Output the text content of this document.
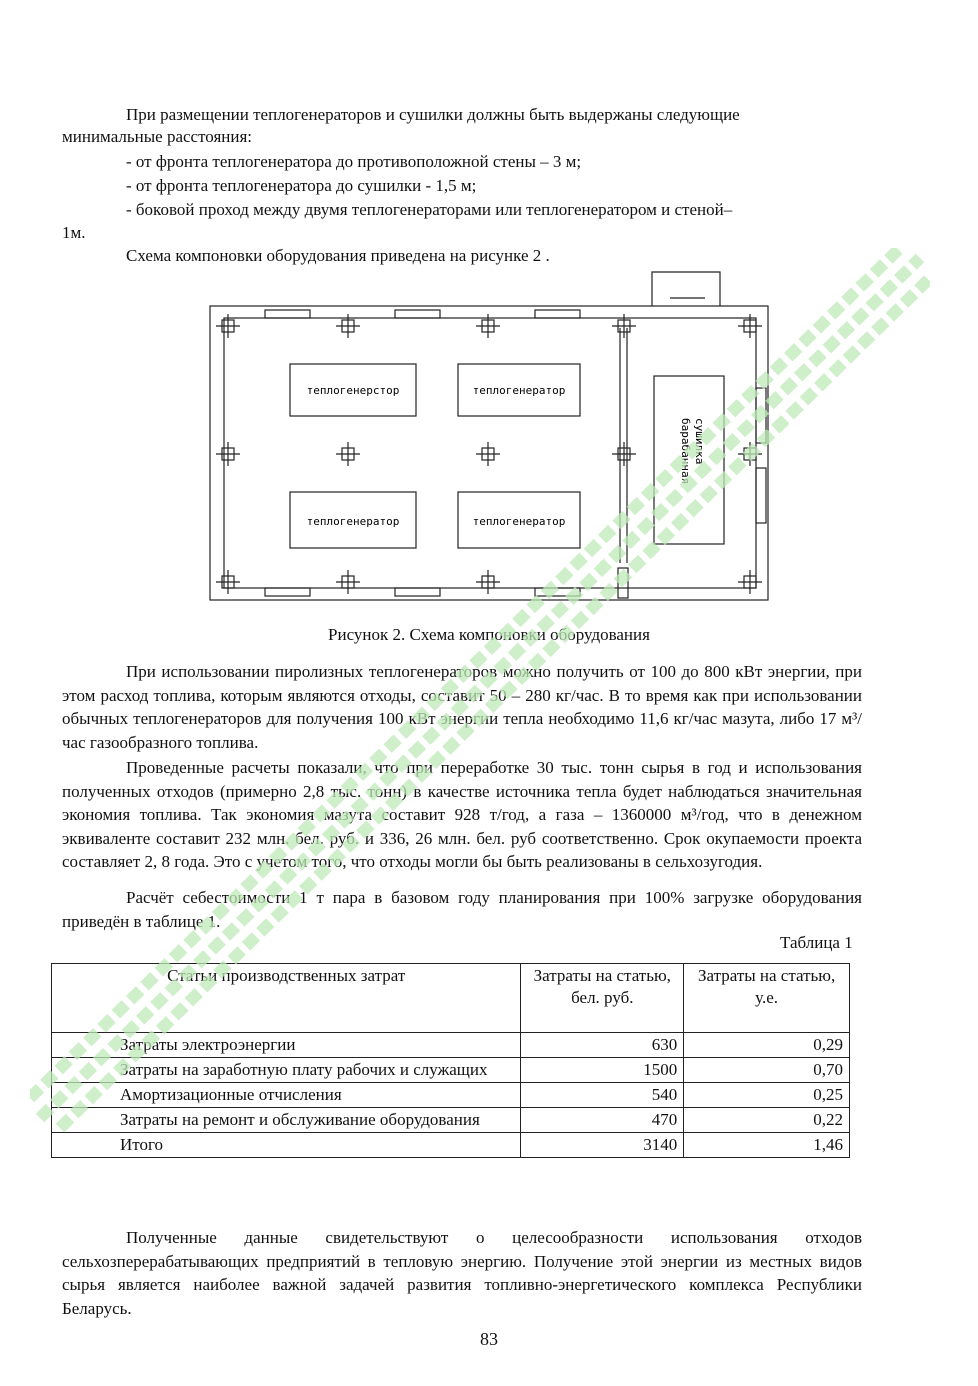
При размещении теплогенераторов и сушилки должны быть выдержаны следующие
минимальные расстояния:
- от фронта теплогенератора до противоположной стены – 3 м;
- от фронта теплогенератора до сушилки - 1,5 м;
- боковой проход между двумя теплогенераторами или теплогенератором и стеной–
1м.
Схема компоновки оборудования приведена на рисунке 2 .
теплогенерстор	теплогенератор
теплогенератор	теплогенератор
сушилка
барабанная
Рисунок 2. Схема компоновки оборудования
При использовании пиролизных теплогенераторов можно получить от 100 до 800 кВт энергии, при этом расход топлива, которым являются отходы, составит 50 – 280 кг/час. В то время как при использовании обычных теплогенераторов для получения 100 кВт энергии тепла необходимо 11,6 кг/час мазута, либо 17 м³/час газообразного топлива.
Проведенные расчеты показали, что при переработке 30 тыс. тонн сырья в год и использования полученных отходов (примерно 2,8 тыс. тонн) в качестве источника тепла будет наблюдаться значительная экономия топлива. Так экономия мазута составит 928 т/год, а газа – 1360000 м³/год, что в денежном эквиваленте составит 232 млн. бел. руб. и 336, 26 млн. бел. руб соответственно. Срок окупаемости проекта составляет 2, 8 года. Это с учетом того, что отходы могли бы быть реализованы в сельхозугодия.
Расчёт себестоимости 1 т пара в базовом году планирования при 100% загрузке оборудования приведён в таблице 1.
Таблица 1
Статьи производственных затрат	Затраты на статью, бел. руб.	Затраты на статью, у.е.
Затраты электроэнергии	630	0,29
Затраты на заработную плату рабочих и служащих	1500	0,70
Амортизационные отчисления	540	0,25
Затраты на ремонт и обслуживание оборудования	470	0,22
Итого	3140	1,46
Полученные данные свидетельствуют о целесообразности использования отходов сельхозперерабатывающих предприятий в тепловую энергию. Получение этой энергии из местных видов сырья является наиболее важной задачей развития топливно-энергетического комплекса Республики Беларусь.
83
